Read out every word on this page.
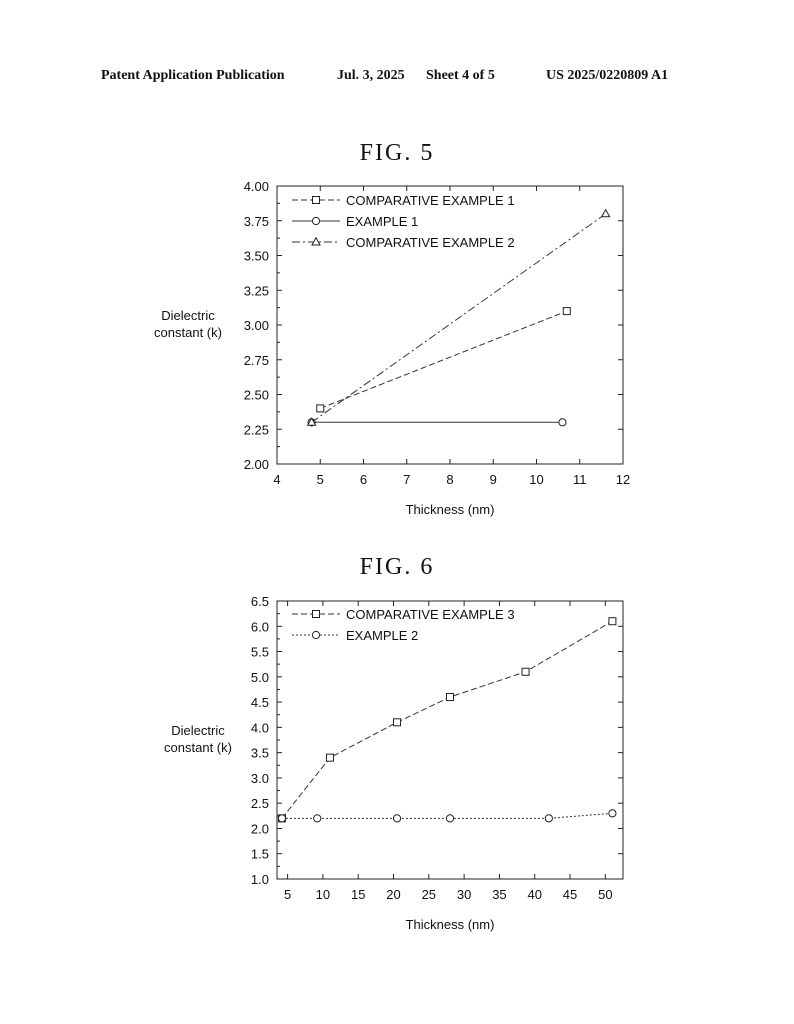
Patent Application Publication	Jul. 3, 2025 Sheet 4 of 5	US 2025/0220809 A1
FIG. 5
2.00
2.25
2.50
2.75
3.00
3.25
3.50
3.75
4.00
4	5	6	7	8	9 10 11 12
Thickness (nm)
Dielectric constant (k)
COMPARATIVE EXAMPLE 1
EXAMPLE 1
COMPARATIVE EXAMPLE 2
FIG. 6
1.0
1.5
2.0
2.5
3.0
3.5
4.0
4.5
5.0
5.5
6.0
6.5
5 10 15 20 25 30 35 40 45 50
Thickness (nm)
Dielectric constant (k)
COMPARATIVE EXAMPLE 3
EXAMPLE 2
